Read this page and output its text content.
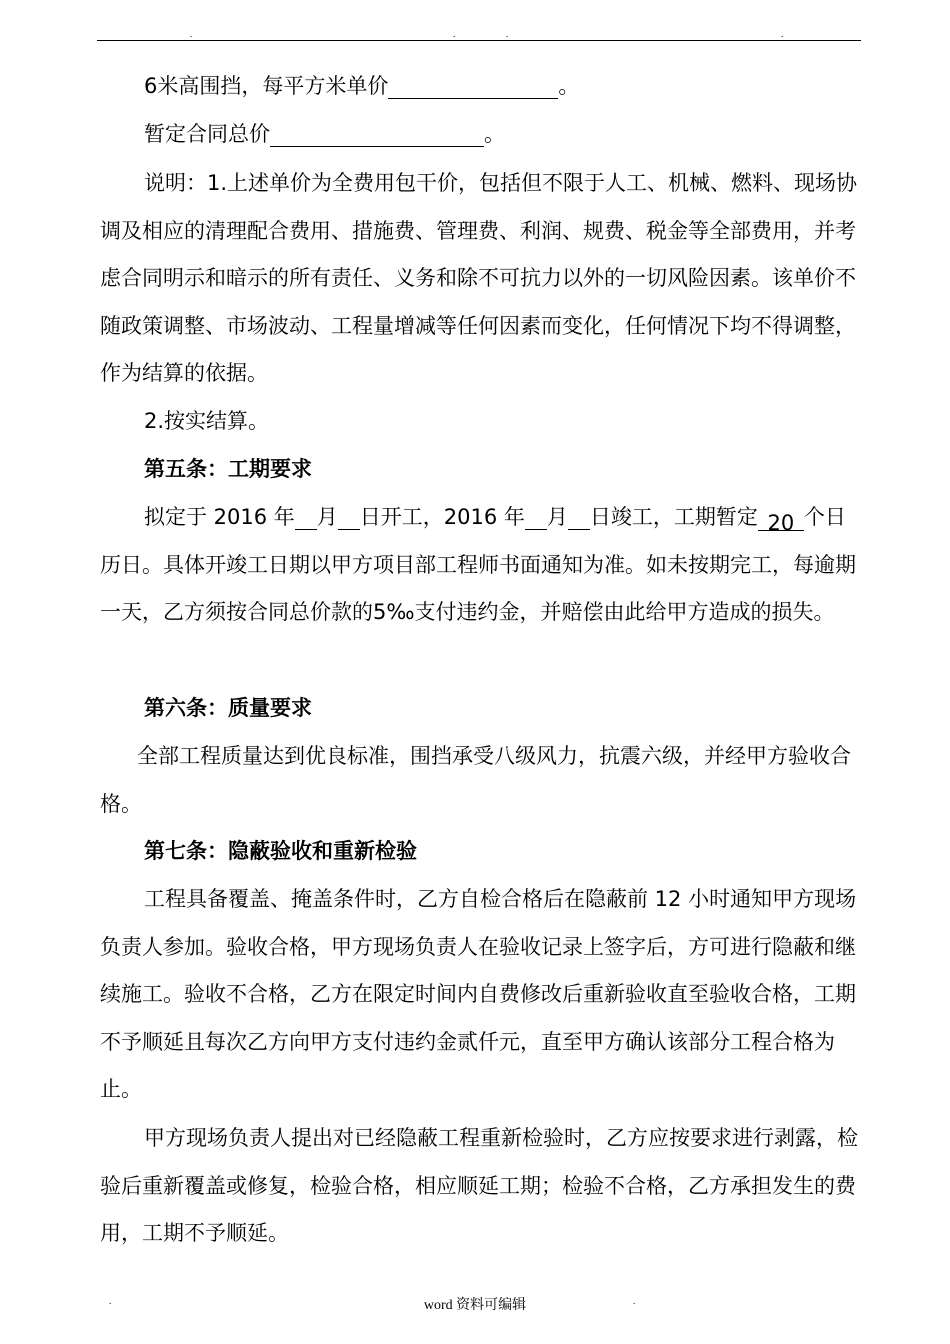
.	.	.	.

6米高围挡，每平方米单价	。

暂定合同总价	。

说明：1.上述单价为全费用包干价，包括但不限于人工、机械、燃料、现场协调及相应的清理配合费用、措施费、管理费、利润、规费、税金等全部费用，并考虑合同明示和暗示的所有责任、义务和除不可抗力以外的一切风险因素。该单价不随政策调整、市场波动、工程量增减等任何因素而变化，任何情况下均不得调整，作为结算的依据。

2.按实结算。

第五条：工期要求

拟定于 2016 年 月 日开工，2016 年 月 日竣工，工期暂定 20 个日历日。具体开竣工日期以甲方项目部工程师书面通知为准。如未按期完工，每逾期一天，乙方须按合同总价款的5‰支付违约金，并赔偿由此给甲方造成的损失。

第六条：质量要求

全部工程质量达到优良标准，围挡承受八级风力，抗震六级，并经甲方验收合格。

第七条：隐蔽验收和重新检验

工程具备覆盖、掩盖条件时，乙方自检合格后在隐蔽前 12 小时通知甲方现场负责人参加。验收合格，甲方现场负责人在验收记录上签字后，方可进行隐蔽和继续施工。验收不合格，乙方在限定时间内自费修改后重新验收直至验收合格，工期不予顺延且每次乙方向甲方支付违约金贰仟元，直至甲方确认该部分工程合格为止。

甲方现场负责人提出对已经隐蔽工程重新检验时，乙方应按要求进行剥露，检验后重新覆盖或修复，检验合格，相应顺延工期；检验不合格，乙方承担发生的费用，工期不予顺延。

.	word 资料可编辑	.
